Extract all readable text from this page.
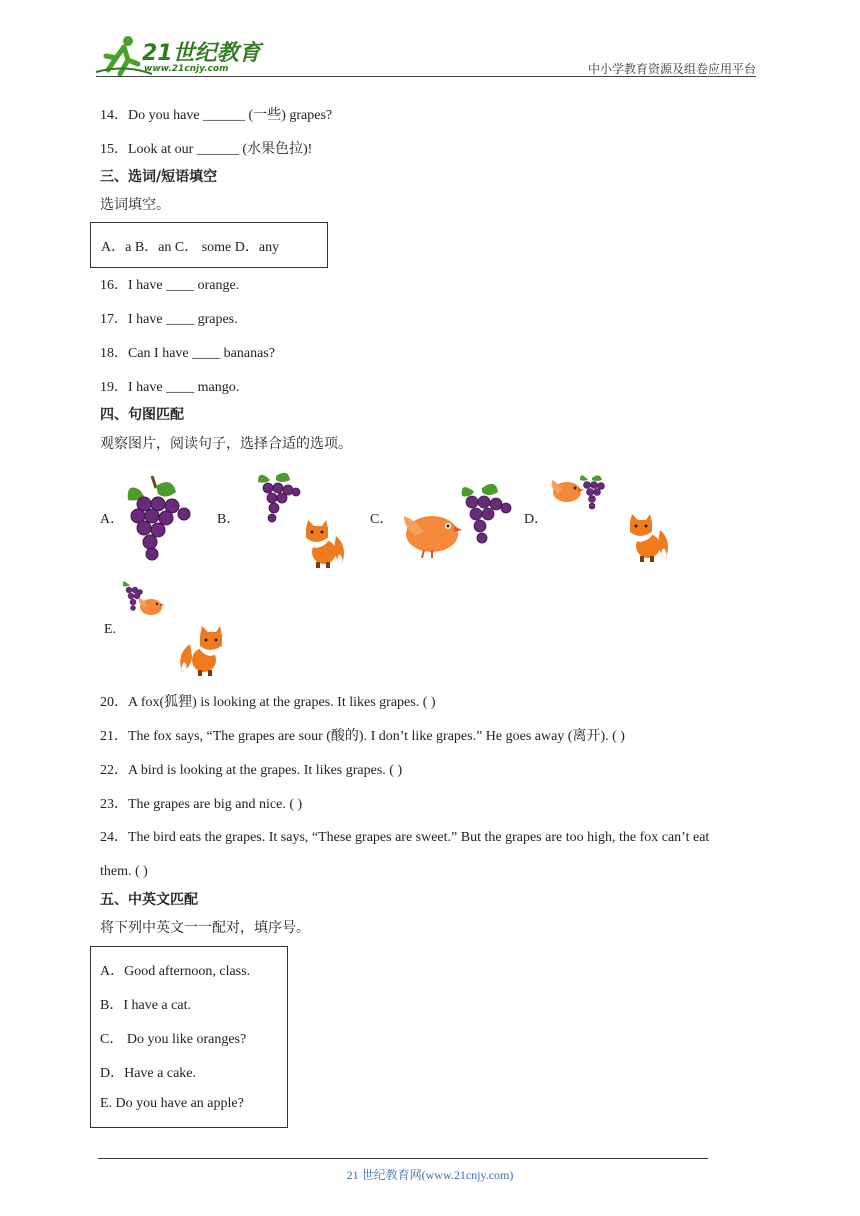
21世纪教育
www.21cnjy.com	中小学教育资源及组卷应用平台
14．Do you have ______ (一些) grapes?
15．Look at our ______ (水果色拉)!
三、选词/短语填空
选词填空。
A．a B．an C． some D．any
16．I have ____ orange.
17．I have ____ grapes.
18．Can I have ____ bananas?
19．I have ____ mango.
四、句图匹配
观察图片，阅读句子，选择合适的选项。
A．	B．	C．	D．
E.
20．A fox(狐狸) is looking at the grapes. It likes grapes. ( )
21．The fox says, “The grapes are sour (酸的). I don’t like grapes.” He goes away (离开). ( )
22．A bird is looking at the grapes. It likes grapes. ( )
23．The grapes are big and nice. ( )
24．The bird eats the grapes. It says, “These grapes are sweet.” But the grapes are too high, the fox can’t eat
them. ( )
五、中英文匹配
将下列中英文一一配对，填序号。
A．Good afternoon, class.
B．I have a cat.
C． Do you like oranges?
D．Have a cake.
E. Do you have an apple?
21 世纪教育网(www.21cnjy.com)
